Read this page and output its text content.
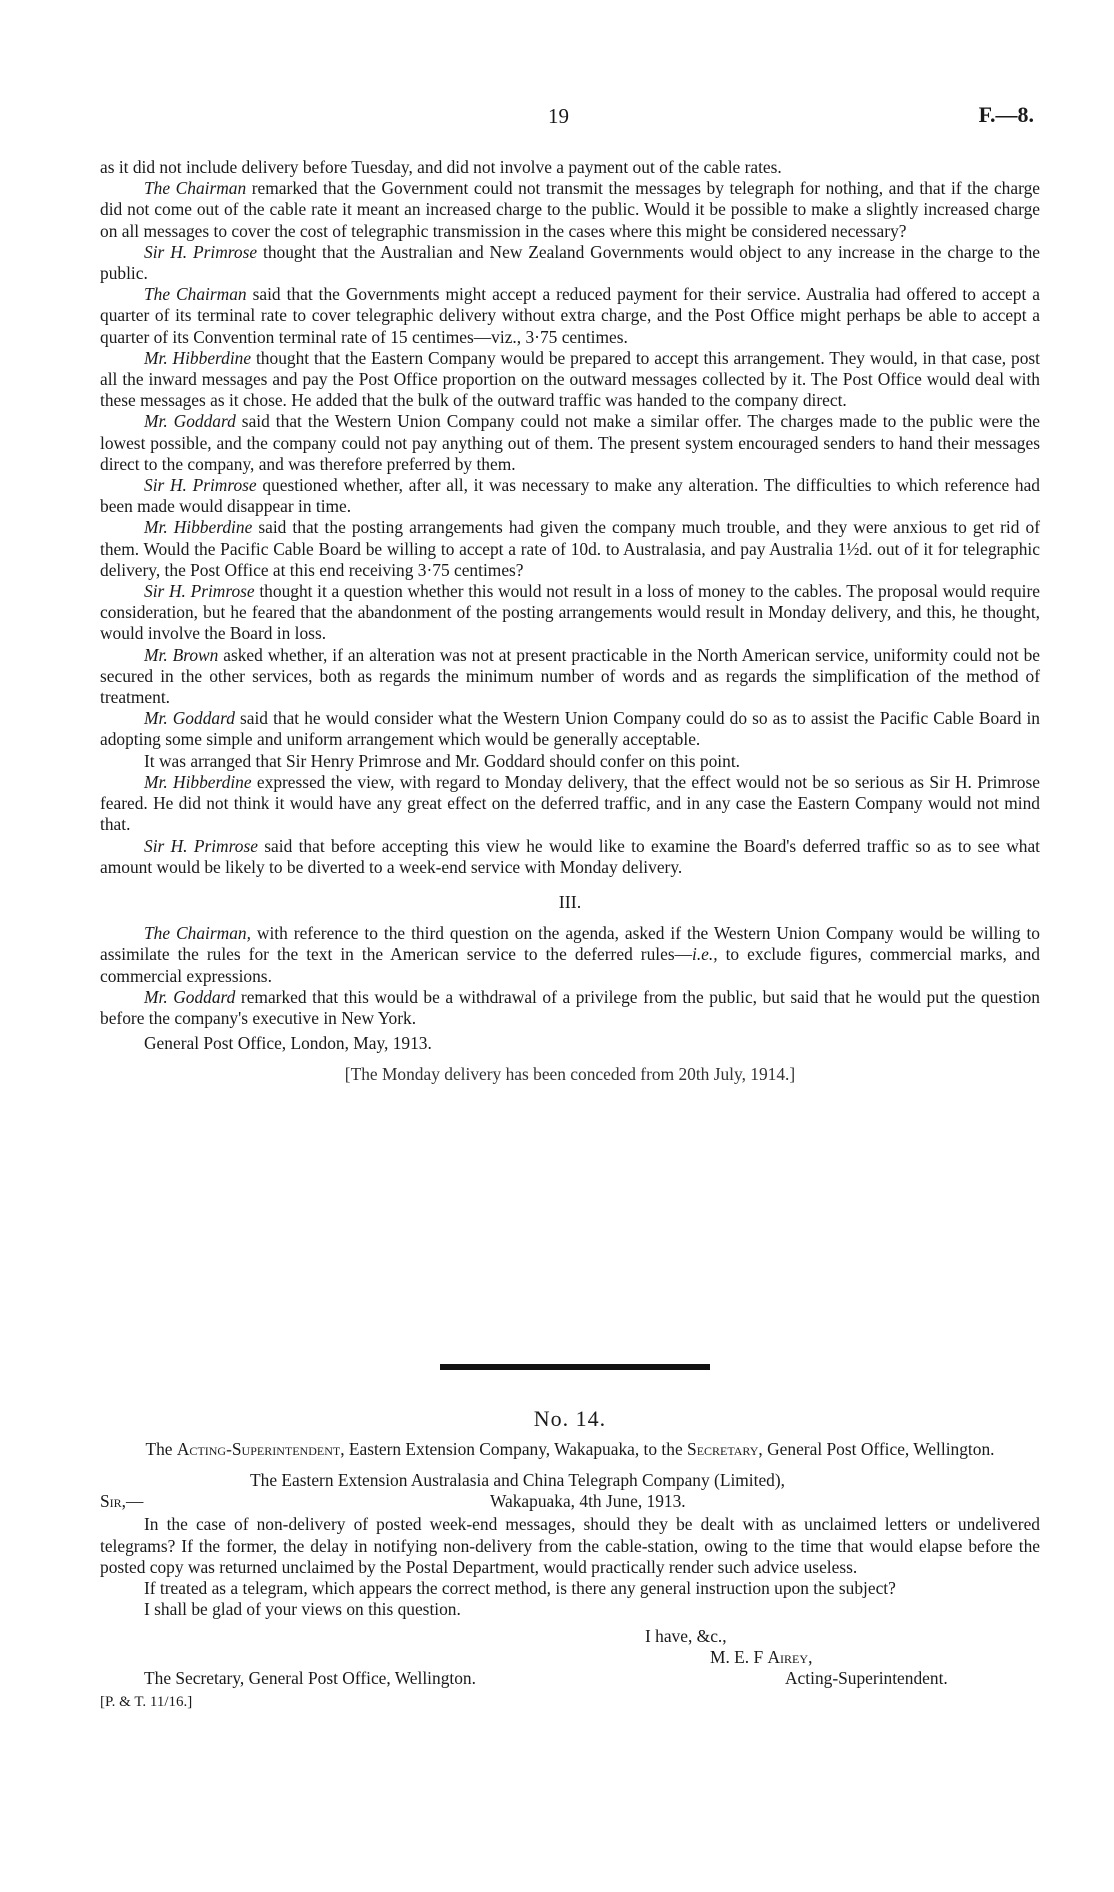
19	F.—8.

as it did not include delivery before Tuesday, and did not involve a payment out of the cable rates.

The Chairman remarked that the Government could not transmit the messages by telegraph for nothing, and that if the charge did not come out of the cable rate it meant an increased charge to the public. Would it be possible to make a slightly increased charge on all messages to cover the cost of telegraphic transmission in the cases where this might be considered necessary?

Sir H. Primrose thought that the Australian and New Zealand Governments would object to any increase in the charge to the public.

The Chairman said that the Governments might accept a reduced payment for their service. Australia had offered to accept a quarter of its terminal rate to cover telegraphic delivery without extra charge, and the Post Office might perhaps be able to accept a quarter of its Convention terminal rate of 15 centimes—viz., 3·75 centimes.

Mr. Hibberdine thought that the Eastern Company would be prepared to accept this arrangement. They would, in that case, post all the inward messages and pay the Post Office proportion on the outward messages collected by it. The Post Office would deal with these messages as it chose. He added that the bulk of the outward traffic was handed to the company direct.

Mr. Goddard said that the Western Union Company could not make a similar offer. The charges made to the public were the lowest possible, and the company could not pay anything out of them. The present system encouraged senders to hand their messages direct to the company, and was therefore preferred by them.

Sir H. Primrose questioned whether, after all, it was necessary to make any alteration. The difficulties to which reference had been made would disappear in time.

Mr. Hibberdine said that the posting arrangements had given the company much trouble, and they were anxious to get rid of them. Would the Pacific Cable Board be willing to accept a rate of 10d. to Australasia, and pay Australia 1½d. out of it for telegraphic delivery, the Post Office at this end receiving 3·75 centimes?

Sir H. Primrose thought it a question whether this would not result in a loss of money to the cables. The proposal would require consideration, but he feared that the abandonment of the posting arrangements would result in Monday delivery, and this, he thought, would involve the Board in loss.

Mr. Brown asked whether, if an alteration was not at present practicable in the North American service, uniformity could not be secured in the other services, both as regards the minimum number of words and as regards the simplification of the method of treatment.

Mr. Goddard said that he would consider what the Western Union Company could do so as to assist the Pacific Cable Board in adopting some simple and uniform arrangement which would be generally acceptable.

It was arranged that Sir Henry Primrose and Mr. Goddard should confer on this point.

Mr. Hibberdine expressed the view, with regard to Monday delivery, that the effect would not be so serious as Sir H. Primrose feared. He did not think it would have any great effect on the deferred traffic, and in any case the Eastern Company would not mind that.

Sir H. Primrose said that before accepting this view he would like to examine the Board's deferred traffic so as to see what amount would be likely to be diverted to a week-end service with Monday delivery.

III.

The Chairman, with reference to the third question on the agenda, asked if the Western Union Company would be willing to assimilate the rules for the text in the American service to the deferred rules—i.e., to exclude figures, commercial marks, and commercial expressions.

Mr. Goddard remarked that this would be a withdrawal of a privilege from the public, but said that he would put the question before the company's executive in New York.

General Post Office, London, May, 1913.

[The Monday delivery has been conceded from 20th July, 1914.]

No. 14.

The Acting-Superintendent, Eastern Extension Company, Wakapuaka, to the Secretary, General Post Office, Wellington.

The Eastern Extension Australasia and China Telegraph Company (Limited),
Sir,—	Wakapuaka, 4th June, 1913.

In the case of non-delivery of posted week-end messages, should they be dealt with as unclaimed letters or undelivered telegrams? If the former, the delay in notifying non-delivery from the cable-station, owing to the time that would elapse before the posted copy was returned unclaimed by the Postal Department, would practically render such advice useless.

If treated as a telegram, which appears the correct method, is there any general instruction upon the subject?

I shall be glad of your views on this question.

I have, &c.,
M. E. F Airey,
The Secretary, General Post Office, Wellington.	Acting-Superintendent.
[P. & T. 11/16.]
